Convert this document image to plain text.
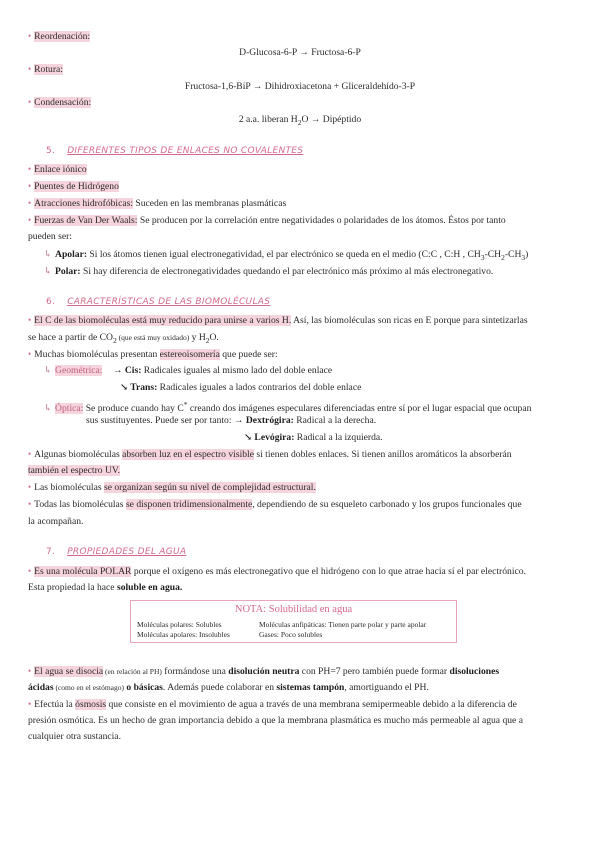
• Reordenación:
D-Glucosa-6-P → Fructosa-6-P
• Rotura:
Fructosa-1,6-BiP → Dihidroxiacetona + Gliceraldehído-3-P
• Condensación:
2 a.a. liberan $H_2O$ → Dipéptido
5. DIFERENTES TIPOS DE ENLACES NO COVALENTES
• Enlace iónico
• Puentes de Hidrógeno
• Atracciones hidrofóbicas: Suceden en las membranas plasmáticas
• Fuerzas de Van Der Waals: Se producen por la correlación entre negatividades o polaridades de los átomos. Éstos por tanto
pueden ser:
↳ Apolar: Si los átomos tienen igual electronegatividad, el par electrónico se queda en el medio (C:C , C:H , $CH_3-CH_2-CH_3$)
↳ Polar: Si hay diferencia de electronegatividades quedando el par electrónico más próximo al más electronegativo.
6. CARACTERÍSTICAS DE LAS BIOMOLÉCULAS
• El C de las biomoléculas está muy reducido para unirse a varios H. Así, las biomoléculas son ricas en E porque para sintetizarlas
se hace a partir de $CO_2$ (que está muy oxidado) y $H_2O$.
• Muchas biomoléculas presentan estereoisomería que puede ser:
↳ Geométrica: → Cis: Radicales iguales al mismo lado del doble enlace
↘ Trans: Radicales iguales a lados contrarios del doble enlace
↳ Óptica: Se produce cuando hay C* creando dos imágenes especulares diferenciadas entre sí por el lugar espacial que ocupan
sus sustituyentes. Puede ser por tanto: → Dextrógira: Radical a la derecha.
↘ Levógira: Radical a la izquierda.
• Algunas biomoléculas absorben luz en el espectro visible si tienen dobles enlaces. Si tienen anillos aromáticos la absorberán
también el espectro UV.
• Las biomoléculas se organizan según su nivel de complejidad estructural.
• Todas las biomoléculas se disponen tridimensionalmente, dependiendo de su esqueleto carbonado y los grupos funcionales que
la acompañan.
7. PROPIEDADES DEL AGUA
• Es una molécula POLAR porque el oxígeno es más electronegativo que el hidrógeno con lo que atrae hacia sí el par electrónico.
Esta propiedad la hace soluble en agua.
NOTA: Solubilidad en agua
Moléculas polares: Solubles	Moléculas anfipáticas: Tienen parte polar y parte apolar
Moléculas apolares: Insolubles	Gases: Poco solubles
• El agua se disocia (en relación al PH) formándose una disolución neutra con PH=7 pero también puede formar disoluciones
ácidas (como en el estómago) o básicas. Además puede colaborar en sistemas tampón, amortiguando el PH.
• Efectúa la ósmosis que consiste en el movimiento de agua a través de una membrana semipermeable debido a la diferencia de
presión osmótica. Es un hecho de gran importancia debido a que la membrana plasmática es mucho más permeable al agua que a
cualquier otra sustancia.
